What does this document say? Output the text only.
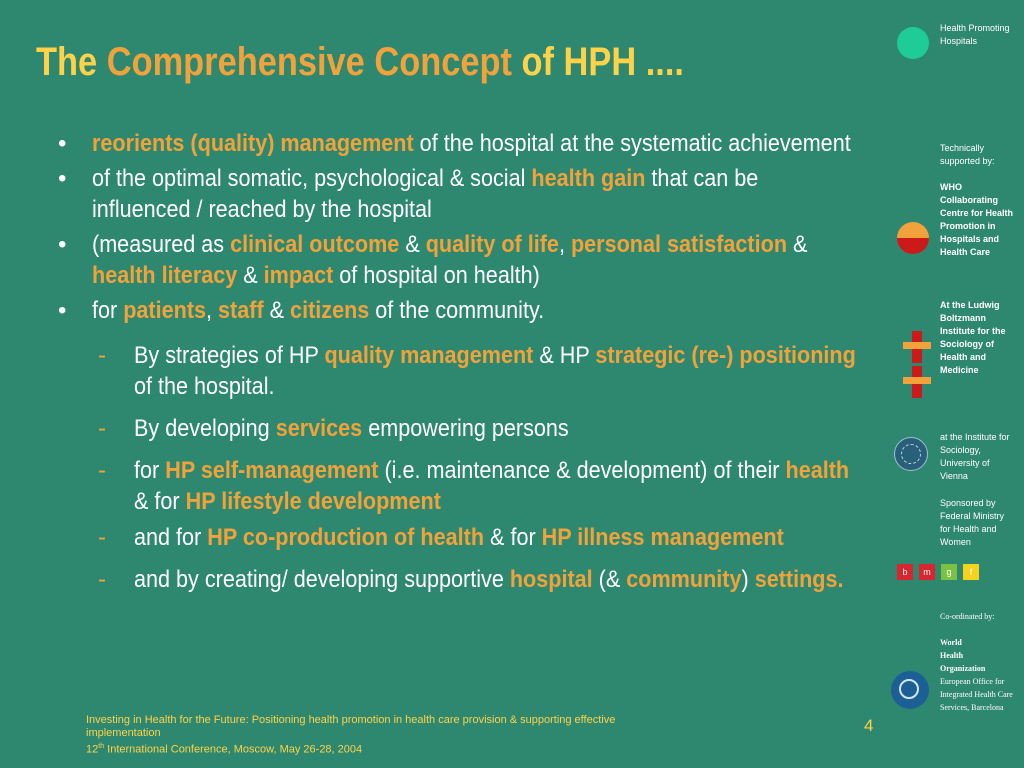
The Comprehensive Concept of HPH ....
• reorients (quality) management of the hospital at the systematic achievement
• of the optimal somatic, psychological & social health gain that can be influenced / reached by the hospital
• (measured as clinical outcome & quality of life, personal satisfaction & health literacy & impact of hospital on health)
• for patients, staff & citizens of the community.
- By strategies of HP quality management & HP strategic (re-) positioning of the hospital.
- By developing services empowering persons
- for HP self-management (i.e. maintenance & development) of their health & for HP lifestyle development
- and for HP co-production of health & for HP illness management
- and by creating/ developing supportive hospital (& community) settings.
Health Promoting Hospitals
Technically supported by:
WHO Collaborating Centre for Health Promotion in Hospitals and Health Care
At the Ludwig Boltzmann Institute for the Sociology of Health and Medicine
at the Institute for Sociology, University of Vienna
Sponsored by Federal Ministry for Health and Women
b	m	g	f
Co-ordinated by:
World
Health
Organization
European Office for Integrated Health Care Services, Barcelona
Investing in Health for the Future: Positioning health promotion in health care provision & supporting effective implementation
12th International Conference, Moscow, May 26-28, 2004
4
